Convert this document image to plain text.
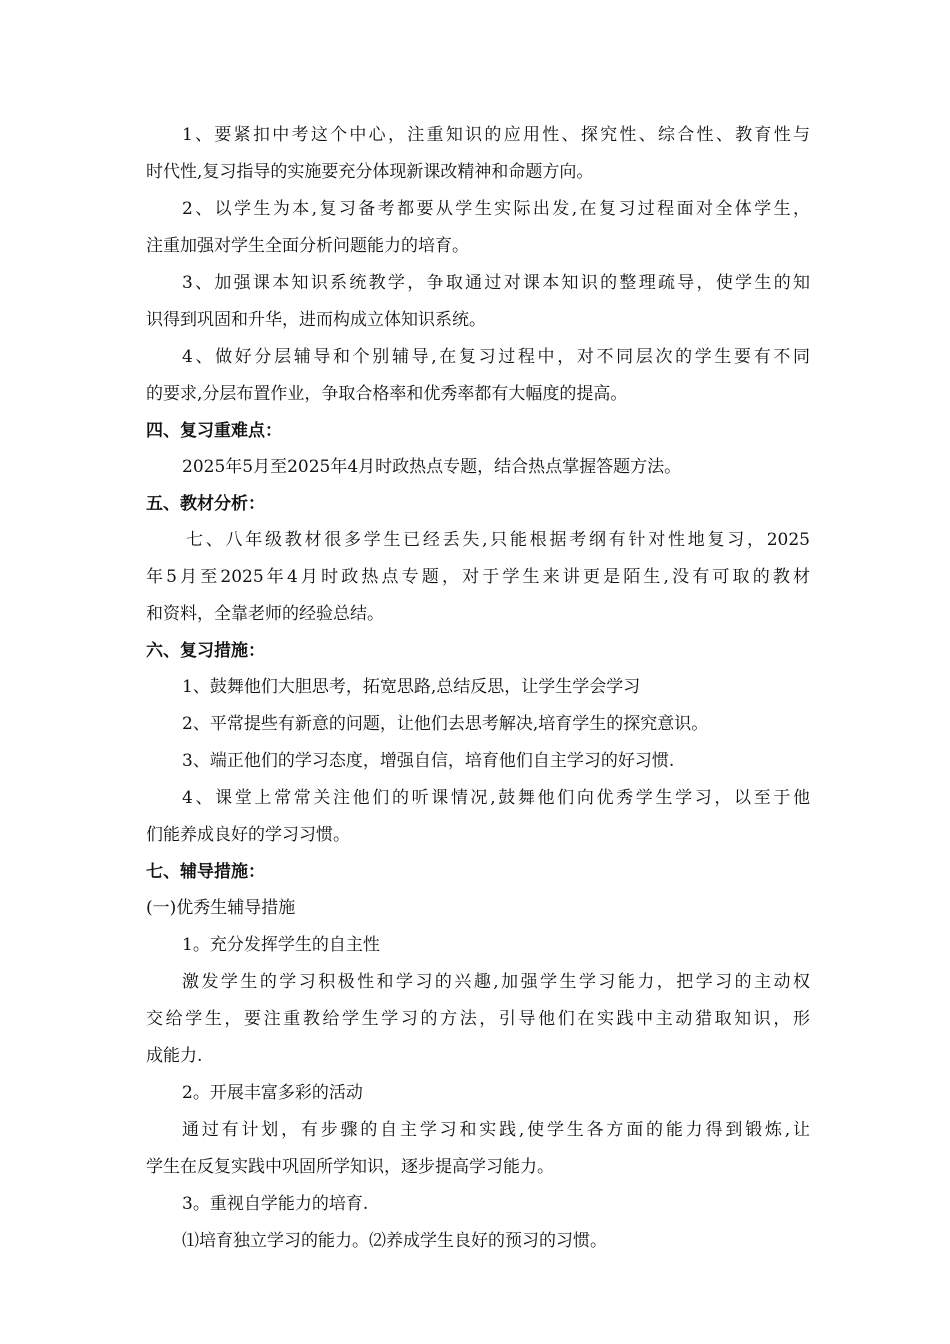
1、要紧扣中考这个中心，注重知识的应用性、探究性、综合性、教育性与
时代性,复习指导的实施要充分体现新课改精神和命题方向。
2、以学生为本,复习备考都要从学生实际出发,在复习过程面对全体学生，
注重加强对学生全面分析问题能力的培育。
3、加强课本知识系统教学，争取通过对课本知识的整理疏导，使学生的知
识得到巩固和升华，进而构成立体知识系统。
4、做好分层辅导和个别辅导,在复习过程中，对不同层次的学生要有不同
的要求,分层布置作业，争取合格率和优秀率都有大幅度的提高。
四、复习重难点：
2025年5月至2025年4月时政热点专题，结合热点掌握答题方法。
五、教材分析：
七、八年级教材很多学生已经丢失,只能根据考纲有针对性地复习，2025
年5月至2025年4月时政热点专题，对于学生来讲更是陌生,没有可取的教材
和资料，全靠老师的经验总结。
六、复习措施：
1、鼓舞他们大胆思考，拓宽思路,总结反思，让学生学会学习
2、平常提些有新意的问题，让他们去思考解决,培育学生的探究意识。
3、端正他们的学习态度，增强自信，培育他们自主学习的好习惯.
4、课堂上常常关注他们的听课情况,鼓舞他们向优秀学生学习，以至于他
们能养成良好的学习习惯。
七、辅导措施：
(一)优秀生辅导措施
1。充分发挥学生的自主性
激发学生的学习积极性和学习的兴趣,加强学生学习能力，把学习的主动权
交给学生，要注重教给学生学习的方法，引导他们在实践中主动猎取知识，形
成能力.
2。开展丰富多彩的活动
通过有计划，有步骤的自主学习和实践,使学生各方面的能力得到锻炼,让
学生在反复实践中巩固所学知识，逐步提高学习能力。
3。重视自学能力的培育.
⑴培育独立学习的能力。⑵养成学生良好的预习的习惯。
